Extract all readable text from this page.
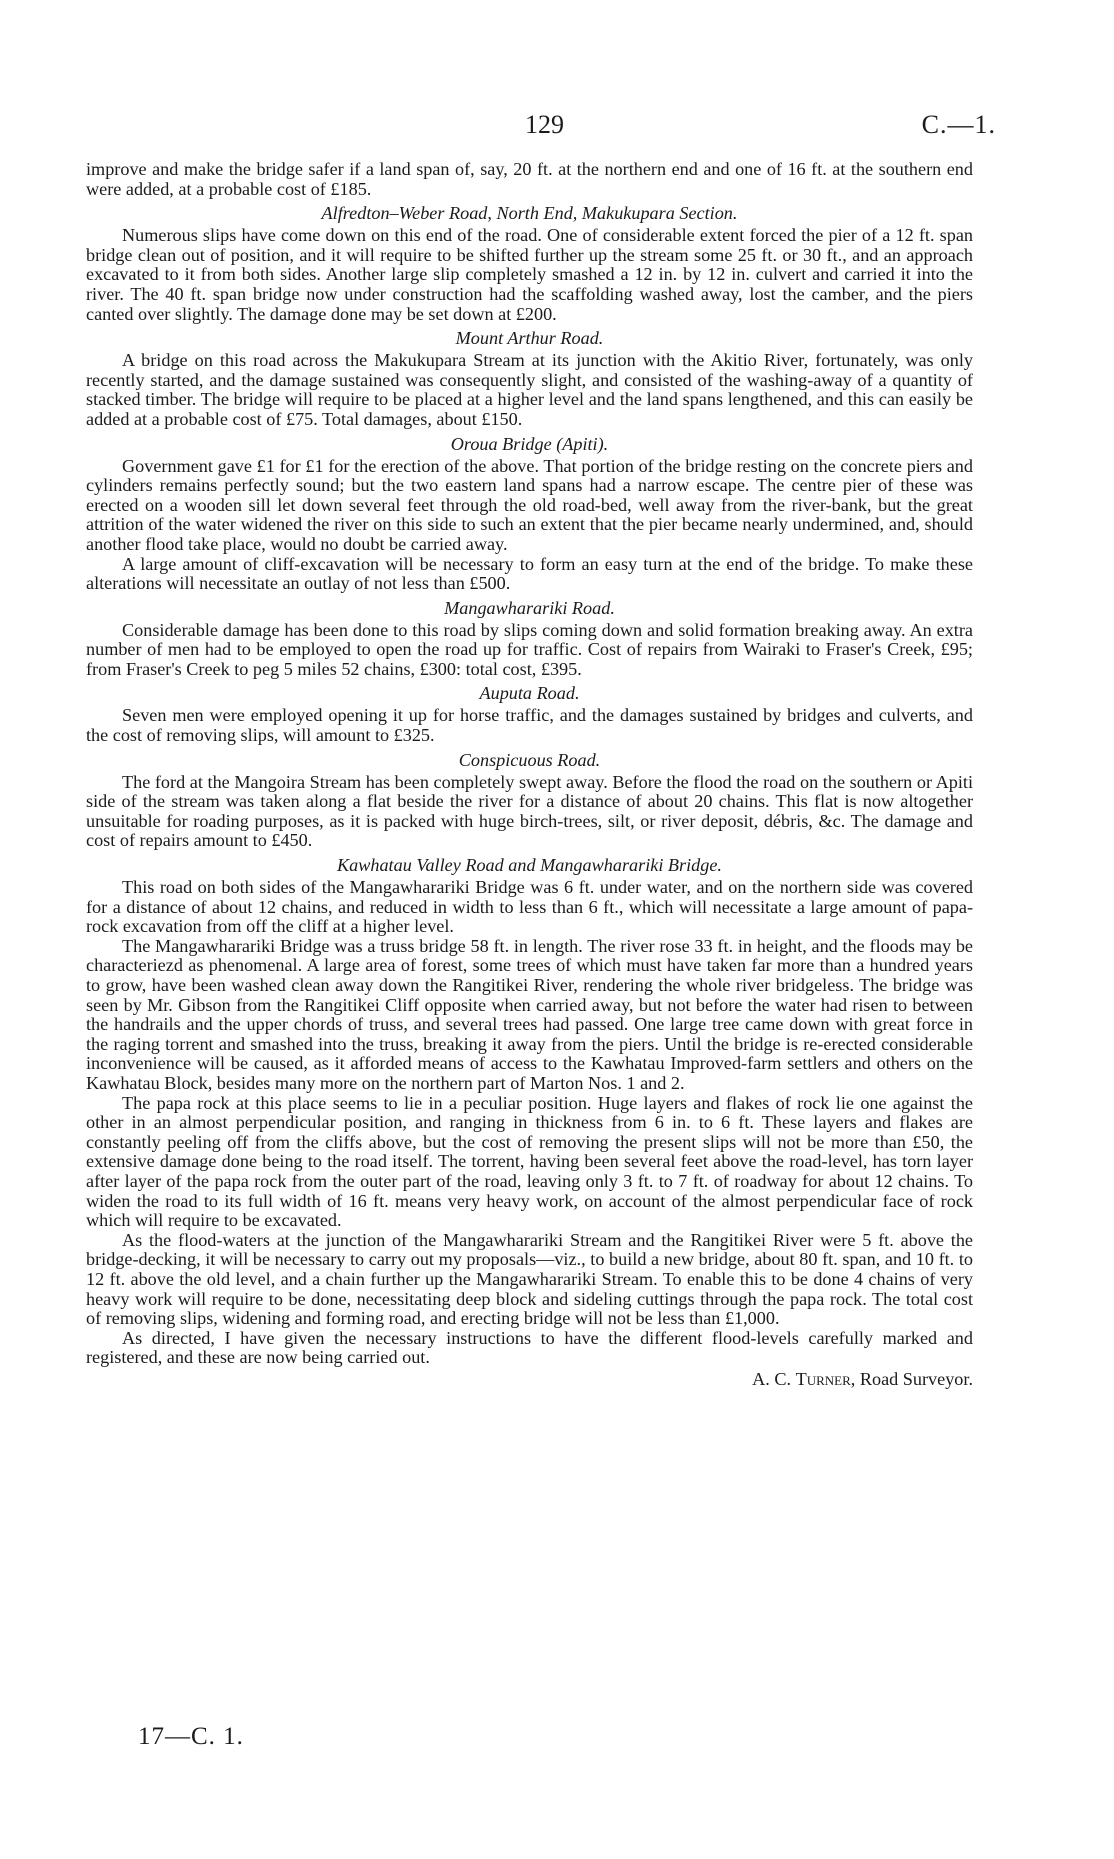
129	C.—1.

improve and make the bridge safer if a land span of, say, 20 ft. at the northern end and one of 16 ft. at the southern end were added, at a probable cost of £185.

Alfredton–Weber Road, North End, Makukupara Section.

Numerous slips have come down on this end of the road. One of considerable extent forced the pier of a 12 ft. span bridge clean out of position, and it will require to be shifted further up the stream some 25 ft. or 30 ft., and an approach excavated to it from both sides. Another large slip completely smashed a 12 in. by 12 in. culvert and carried it into the river. The 40 ft. span bridge now under construction had the scaffolding washed away, lost the camber, and the piers canted over slightly. The damage done may be set down at £200.

Mount Arthur Road.

A bridge on this road across the Makukupara Stream at its junction with the Akitio River, fortunately, was only recently started, and the damage sustained was consequently slight, and consisted of the washing-away of a quantity of stacked timber. The bridge will require to be placed at a higher level and the land spans lengthened, and this can easily be added at a probable cost of £75. Total damages, about £150.

Oroua Bridge (Apiti).

Government gave £1 for £1 for the erection of the above. That portion of the bridge resting on the concrete piers and cylinders remains perfectly sound; but the two eastern land spans had a narrow escape. The centre pier of these was erected on a wooden sill let down several feet through the old road-bed, well away from the river-bank, but the great attrition of the water widened the river on this side to such an extent that the pier became nearly undermined, and, should another flood take place, would no doubt be carried away.

A large amount of cliff-excavation will be necessary to form an easy turn at the end of the bridge. To make these alterations will necessitate an outlay of not less than £500.

Mangawharariki Road.

Considerable damage has been done to this road by slips coming down and solid formation breaking away. An extra number of men had to be employed to open the road up for traffic. Cost of repairs from Wairaki to Fraser's Creek, £95; from Fraser's Creek to peg 5 miles 52 chains, £300: total cost, £395.

Auputa Road.

Seven men were employed opening it up for horse traffic, and the damages sustained by bridges and culverts, and the cost of removing slips, will amount to £325.

Conspicuous Road.

The ford at the Mangoira Stream has been completely swept away. Before the flood the road on the southern or Apiti side of the stream was taken along a flat beside the river for a distance of about 20 chains. This flat is now altogether unsuitable for roading purposes, as it is packed with huge birch-trees, silt, or river deposit, débris, &c. The damage and cost of repairs amount to £450.

Kawhatau Valley Road and Mangawharariki Bridge.

This road on both sides of the Mangawharariki Bridge was 6 ft. under water, and on the northern side was covered for a distance of about 12 chains, and reduced in width to less than 6 ft., which will necessitate a large amount of papa-rock excavation from off the cliff at a higher level.

The Mangawharariki Bridge was a truss bridge 58 ft. in length. The river rose 33 ft. in height, and the floods may be characteriezd as phenomenal. A large area of forest, some trees of which must have taken far more than a hundred years to grow, have been washed clean away down the Rangitikei River, rendering the whole river bridgeless. The bridge was seen by Mr. Gibson from the Rangitikei Cliff opposite when carried away, but not before the water had risen to between the handrails and the upper chords of truss, and several trees had passed. One large tree came down with great force in the raging torrent and smashed into the truss, breaking it away from the piers. Until the bridge is re-erected considerable inconvenience will be caused, as it afforded means of access to the Kawhatau Improved-farm settlers and others on the Kawhatau Block, besides many more on the northern part of Marton Nos. 1 and 2.

The papa rock at this place seems to lie in a peculiar position. Huge layers and flakes of rock lie one against the other in an almost perpendicular position, and ranging in thickness from 6 in. to 6 ft. These layers and flakes are constantly peeling off from the cliffs above, but the cost of removing the present slips will not be more than £50, the extensive damage done being to the road itself. The torrent, having been several feet above the road-level, has torn layer after layer of the papa rock from the outer part of the road, leaving only 3 ft. to 7 ft. of roadway for about 12 chains. To widen the road to its full width of 16 ft. means very heavy work, on account of the almost perpendicular face of rock which will require to be excavated.

As the flood-waters at the junction of the Mangawharariki Stream and the Rangitikei River were 5 ft. above the bridge-decking, it will be necessary to carry out my proposals—viz., to build a new bridge, about 80 ft. span, and 10 ft. to 12 ft. above the old level, and a chain further up the Mangawharariki Stream. To enable this to be done 4 chains of very heavy work will require to be done, necessitating deep block and sideling cuttings through the papa rock. The total cost of removing slips, widening and forming road, and erecting bridge will not be less than £1,000.

As directed, I have given the necessary instructions to have the different flood-levels carefully marked and registered, and these are now being carried out.

A. C. Turner, Road Surveyor.
17—C. 1.
